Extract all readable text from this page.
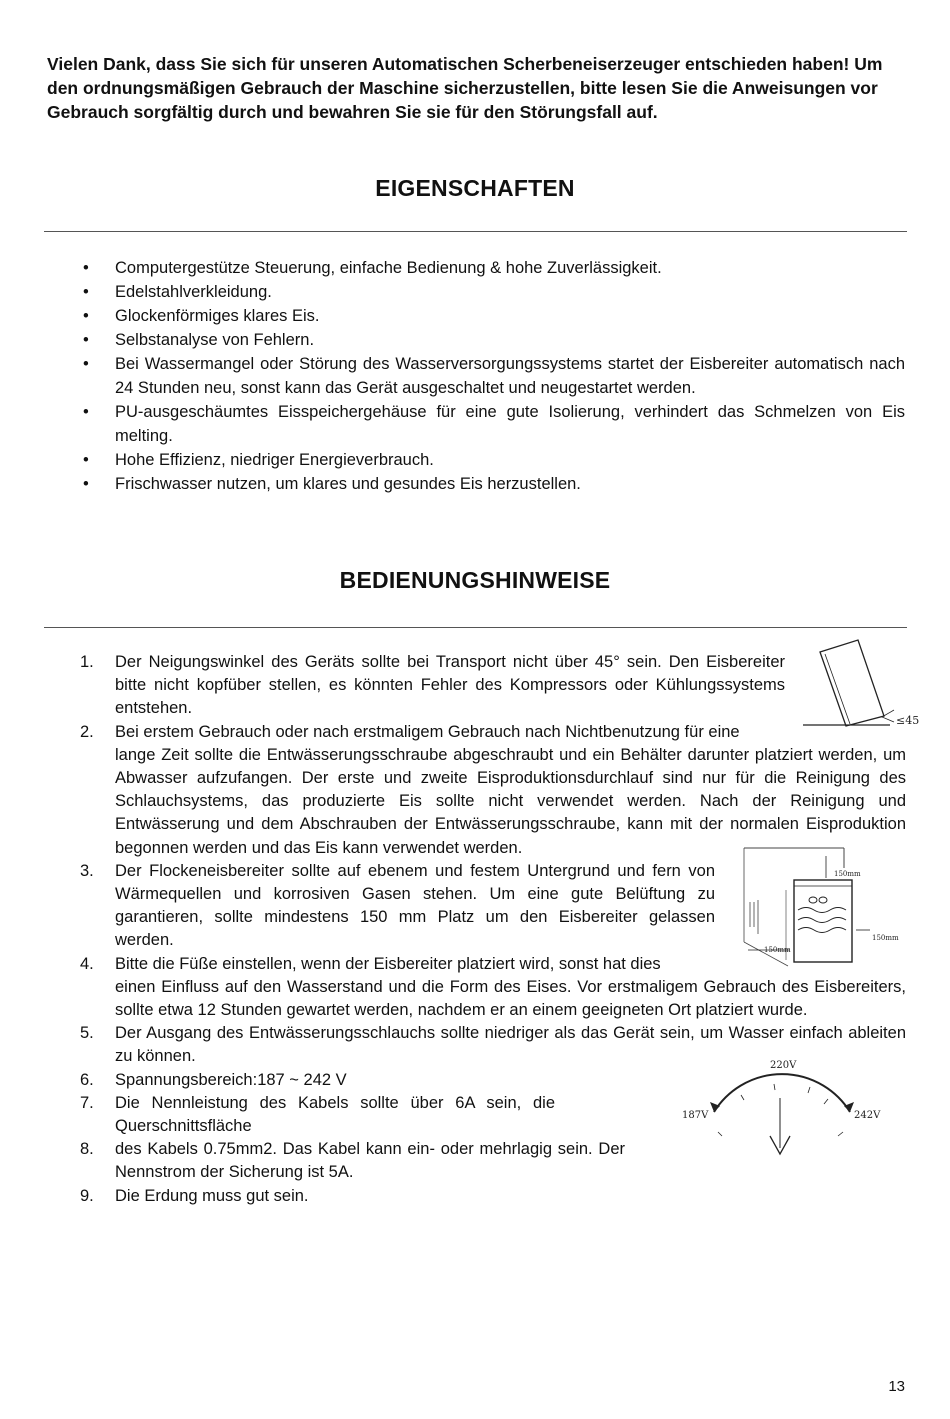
Vielen Dank, dass Sie sich für unseren Automatischen Scherbeneiserzeuger entschieden haben! Um den ordnungsmäßigen Gebrauch der Maschine sicherzustellen, bitte lesen Sie die Anweisungen vor Gebrauch sorgfältig durch und bewahren Sie sie für den Störungsfall auf.
EIGENSCHAFTEN
• Computergestütze Steuerung, einfache Bedienung & hohe Zuverlässigkeit.
• Edelstahlverkleidung.
• Glockenförmiges klares Eis.
• Selbstanalyse von Fehlern.
• Bei Wassermangel oder Störung des Wasserversorgungssystems startet der Eisbereiter automatisch nach 24 Stunden neu, sonst kann das Gerät ausgeschaltet und neugestartet werden.
• PU-ausgeschäumtes Eisspeichergehäuse für eine gute Isolierung, verhindert das Schmelzen von Eis melting.
• Hohe Effizienz, niedriger Energieverbrauch.
• Frischwasser nutzen, um klares und gesundes Eis herzustellen.
BEDIENUNGSHINWEISE
1. Der Neigungswinkel des Geräts sollte bei Transport nicht über 45° sein. Den Eisbereiter bitte nicht kopfüber stellen, es könnten Fehler des Kompressors oder Kühlungssystems entstehen.
2. Bei erstem Gebrauch oder nach erstmaligem Gebrauch nach Nichtbenutzung für eine
lange Zeit sollte die Entwässerungsschraube abgeschraubt und ein Behälter darunter platziert werden, um Abwasser aufzufangen. Der erste und zweite Eisproduktionsdurchlauf sind nur für die Reinigung des Schlauchsystems, das produzierte Eis sollte nicht verwendet werden. Nach der Reinigung und Entwässerung und dem Abschrauben der Entwässerungsschraube, kann mit der normalen Eisproduktion begonnen werden und das Eis kann verwendet werden.
3. Der Flockeneisbereiter sollte auf ebenem und festem Untergrund und fern von Wärmequellen und korrosiven Gasen stehen. Um eine gute Belüftung zu garantieren, sollte mindestens 150 mm Platz um den Eisbereiter gelassen werden.
4. Bitte die Füße einstellen, wenn der Eisbereiter platziert wird, sonst hat dies
einen Einfluss auf den Wasserstand und die Form des Eises. Vor erstmaligem Gebrauch des Eisbereiters, sollte etwa 12 Stunden gewartet werden, nachdem er an einem geeigneten Ort platziert wurde.
5. Der Ausgang des Entwässerungsschlauchs sollte niedriger als das Gerät sein, um Wasser einfach ableiten zu können.
6. Spannungsbereich:187 ~ 242 V
7. Die Nennleistung des Kabels sollte über 6A sein, die Querschnittsfläche
8. des Kabels 0.75mm2. Das Kabel kann ein- oder mehrlagig sein. Der Nennstrom der Sicherung ist 5A.
9. Die Erdung muss gut sein.
≤45
150mm
150mm
150mm
220V
187V	242V
13
